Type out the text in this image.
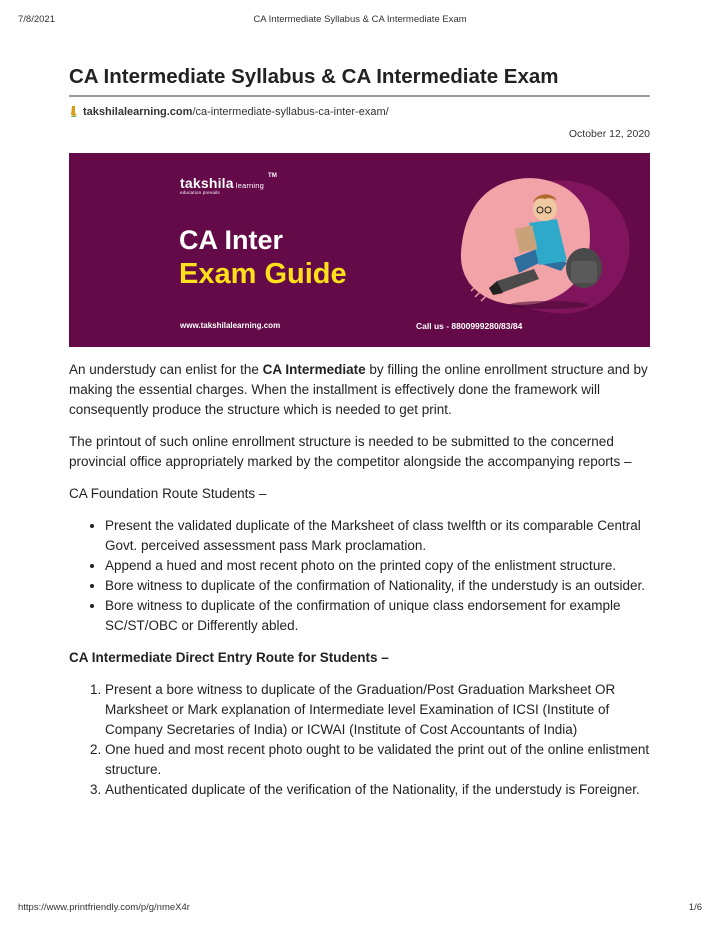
7/8/2021	CA Intermediate Syllabus & CA Intermediate Exam
CA Intermediate Syllabus & CA Intermediate Exam
takshilalearning.com/ca-intermediate-syllabus-ca-inter-exam/
October 12, 2020
takshila learning
TM
education prevails
CA Inter
Exam Guide
www.takshilalearning.com	Call us - 8800999280/83/84

An understudy can enlist for the CA Intermediate by filling the online enrollment structure and by making the essential charges. When the installment is effectively done the framework will consequently produce the structure which is needed to get print.

The printout of such online enrollment structure is needed to be submitted to the concerned provincial office appropriately marked by the competitor alongside the accompanying reports –

CA Foundation Route Students –

• Present the validated duplicate of the Marksheet of class twelfth or its comparable Central Govt. perceived assessment pass Mark proclamation.
• Append a hued and most recent photo on the printed copy of the enlistment structure.
• Bore witness to duplicate of the confirmation of Nationality, if the understudy is an outsider.
• Bore witness to duplicate of the confirmation of unique class endorsement for example SC/ST/OBC or Differently abled.

CA Intermediate Direct Entry Route for Students –

1. Present a bore witness to duplicate of the Graduation/Post Graduation Marksheet OR Marksheet or Mark explanation of Intermediate level Examination of ICSI (Institute of Company Secretaries of India) or ICWAI (Institute of Cost Accountants of India)
2. One hued and most recent photo ought to be validated the print out of the online enlistment structure.
3. Authenticated duplicate of the verification of the Nationality, if the understudy is Foreigner.
https://www.printfriendly.com/p/g/nmeX4r	1/6
